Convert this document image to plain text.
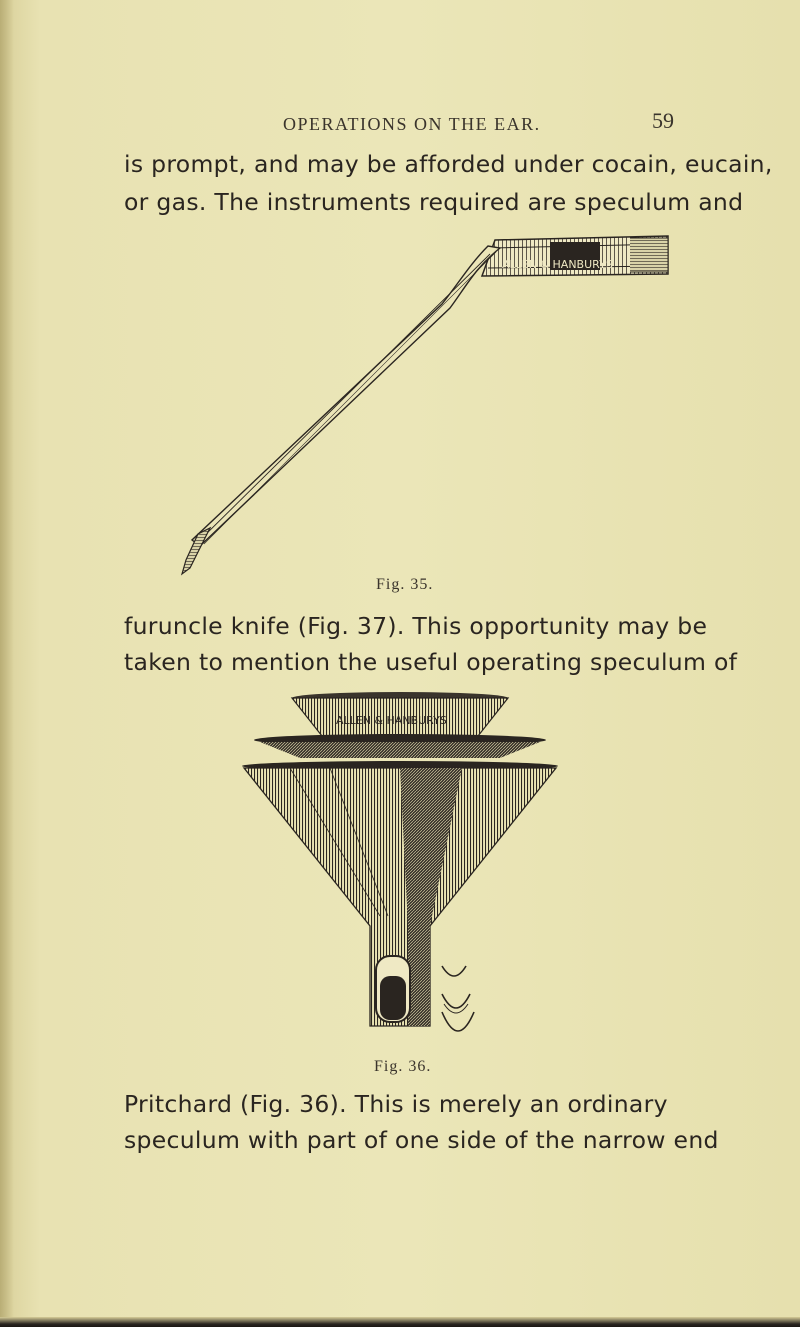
OPERATIONS ON THE EAR.	59
is prompt, and may be afforded under cocain, eucain,
or gas. The instruments required are speculum and
ALLEN & HANBURYS
Fig. 35.
furuncle knife (Fig. 37). This opportunity may be
taken to mention the useful operating speculum of
ALLEN & HANBURYS
Fig. 36.
Pritchard (Fig. 36). This is merely an ordinary
speculum with part of one side of the narrow end
